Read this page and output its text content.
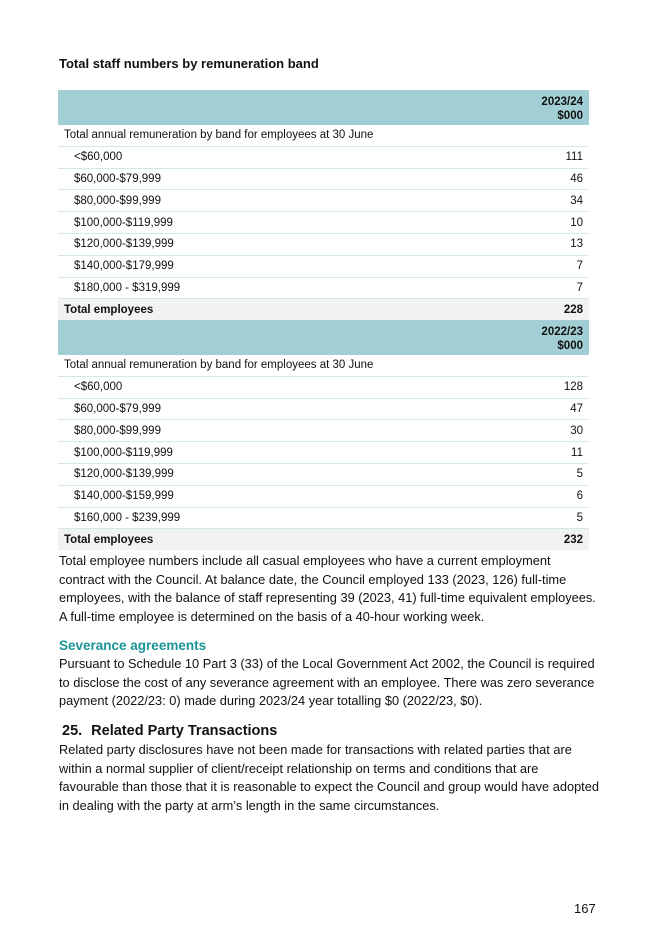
Total staff numbers by remuneration band
	2023/24
$000
Total annual remuneration by band for employees at 30 June	
<$60,000	111
$60,000-$79,999	46
$80,000-$99,999	34
$100,000-$119,999	10
$120,000-$139,999	13
$140,000-$179,999	7
$180,000 - $319,999	7
Total employees	228
	2022/23
$000
Total annual remuneration by band for employees at 30 June	
<$60,000	128
$60,000-$79,999	47
$80,000-$99,999	30
$100,000-$119,999	11
$120,000-$139,999	5
$140,000-$159,999	6
$160,000 - $239,999	5
Total employees	232

Total employee numbers include all casual employees who have a current employment contract with the Council. At balance date, the Council employed 133 (2023, 126) full-time employees, with the balance of staff representing 39 (2023, 41) full-time equivalent employees. A full-time employee is determined on the basis of a 40-hour working week.

Severance agreements

Pursuant to Schedule 10 Part 3 (33) of the Local Government Act 2002, the Council is required to disclose the cost of any severance agreement with an employee. There was zero severance payment (2022/23: 0) made during 2023/24 year totalling $0 (2022/23, $0).

25. Related Party Transactions

Related party disclosures have not been made for transactions with related parties that are within a normal supplier of client/receipt relationship on terms and conditions that are favourable than those that it is reasonable to expect the Council and group would have adopted in dealing with the party at arm’s length in the same circumstances.

167
